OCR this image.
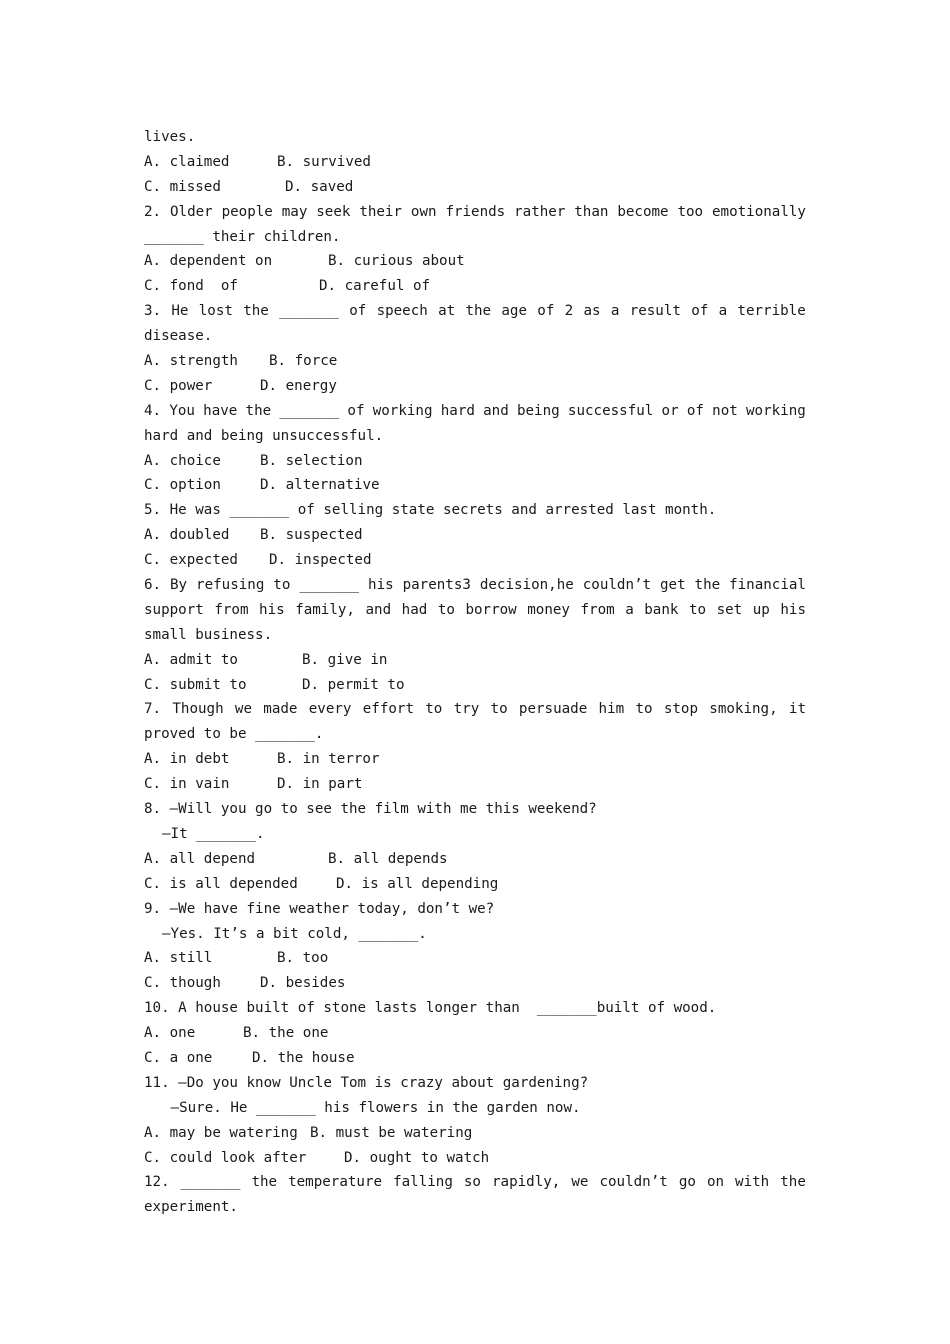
lives.
A. claimed	B. survived
C. missed	D. saved
2. Older people may seek their own friends rather than become too emotionally
_______ their children.
A. dependent on	B. curious about
C. fond  of	D. careful of
3. He lost the _______ of speech at the age of 2 as a result of a terrible
disease.
A. strength B. force
C. power	D. energy
4. You have the _______ of working hard and being successful or of not working
hard and being unsuccessful.
A. choice	B. selection
C. option	D. alternative
5. He was _______ of selling state secrets and arrested last month.
A. doubled B. suspected
C. expected D. inspected
6. By refusing to _______ his parents3 decision,he couldn’t get the financial
support from his family, and had to borrow money from a bank to set up his
small business.
A. admit to	B. give in
C. submit to	D. permit to
7. Though we made every effort to try to persuade him to stop smoking, it
proved to be _______.
A. in debt	B. in terror
C. in vain	D. in part
8. —Will you go to see the film with me this weekend?
—It _______.
A. all depend	B. all depends
C. is all depended	D. is all depending
9. —We have fine weather today, don’t we?
—Yes. It’s a bit cold, _______.
A. still	B. too
C. though	D. besides
10. A house built of stone lasts longer than  _______built of wood.
A. one	B. the one
C. a one	D. the house
11. —Do you know Uncle Tom is crazy about gardening?
—Sure. He _______ his flowers in the garden now.
A. may be watering B. must be watering
C. could look after	D. ought to watch
12. _______ the temperature falling so rapidly, we couldn’t go on with the
experiment.
